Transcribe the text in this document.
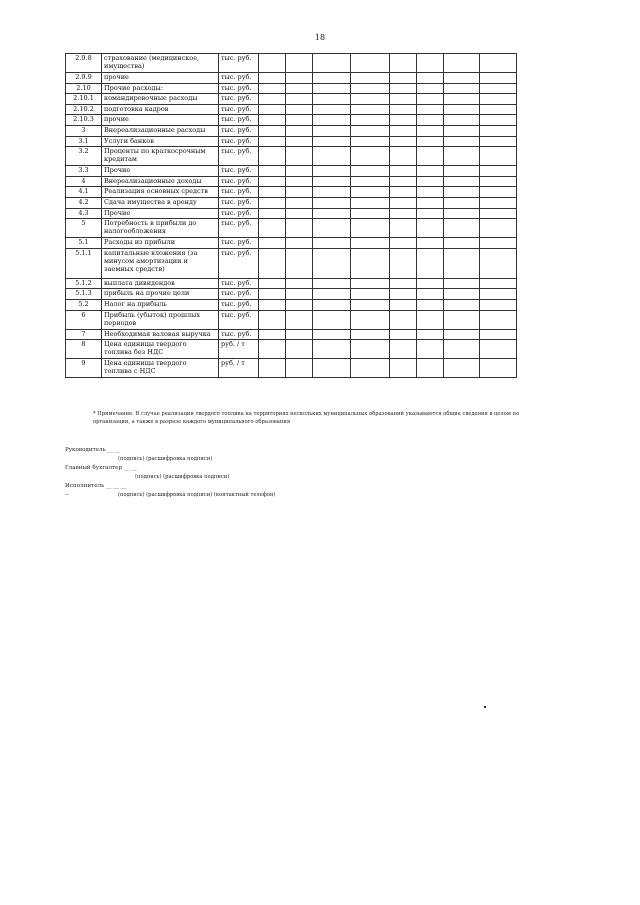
18
2.9.8	страхование (медицинское, имущества)	тыс. руб.								
2.9.9	прочие	тыс. руб.								
2.10	Прочие расходы:	тыс. руб.								
2.10.1	командировочные расходы	тыс. руб.								
2.10.2	подготовка кадров	тыс. руб.								
2.10.3	прочие	тыс. руб.								
3	Внереализационные расходы	тыс. руб.								
3.1	Услуги банков	тыс. руб.								
3.2	Проценты по краткосрочным кредитам	тыс. руб.								
3.3	Прочие	тыс. руб.								
4	Внереализационные доходы	тыс. руб.								
4.1	Реализация основных средств	тыс. руб.								
4.2	Сдача имущества в аренду	тыс. руб.								
4.3	Прочие	тыс. руб.								
5	Потребность в прибыли до налогообложения	тыс. руб.								
5.1	Расходы из прибыли	тыс. руб.								
5.1.1	капитальные вложения (за минусом амортизации и заемных средств)	тыс. руб.								
5.1.2	выплата дивидендов	тыс. руб.								
5.1.3	прибыль на прочие цели	тыс. руб.								
5.2	Налог на прибыль	тыс. руб.								
6	Прибыль (убыток) прошлых периодов	тыс. руб.								
7	Необходимая валовая выручка	тыс. руб.								
8	Цена единицы твердого топлива без НДС	руб. / т								
9	Цена единицы твердого топлива с НДС	руб. / т								
* Примечание. В случае реализации твердого топлива на территориях нескольких муниципальных образований указываются общие сведения в целом по организации, а также в разрезе каждого муниципального образования
Руководитель __ __
(подпись) (расшифровка подписи)
Главный бухгалтер __ __
(подпись) (расшифровка подписи)
Исполнитель __ __ __
(подпись) (расшифровка подписи) (контактный телефон)
--
